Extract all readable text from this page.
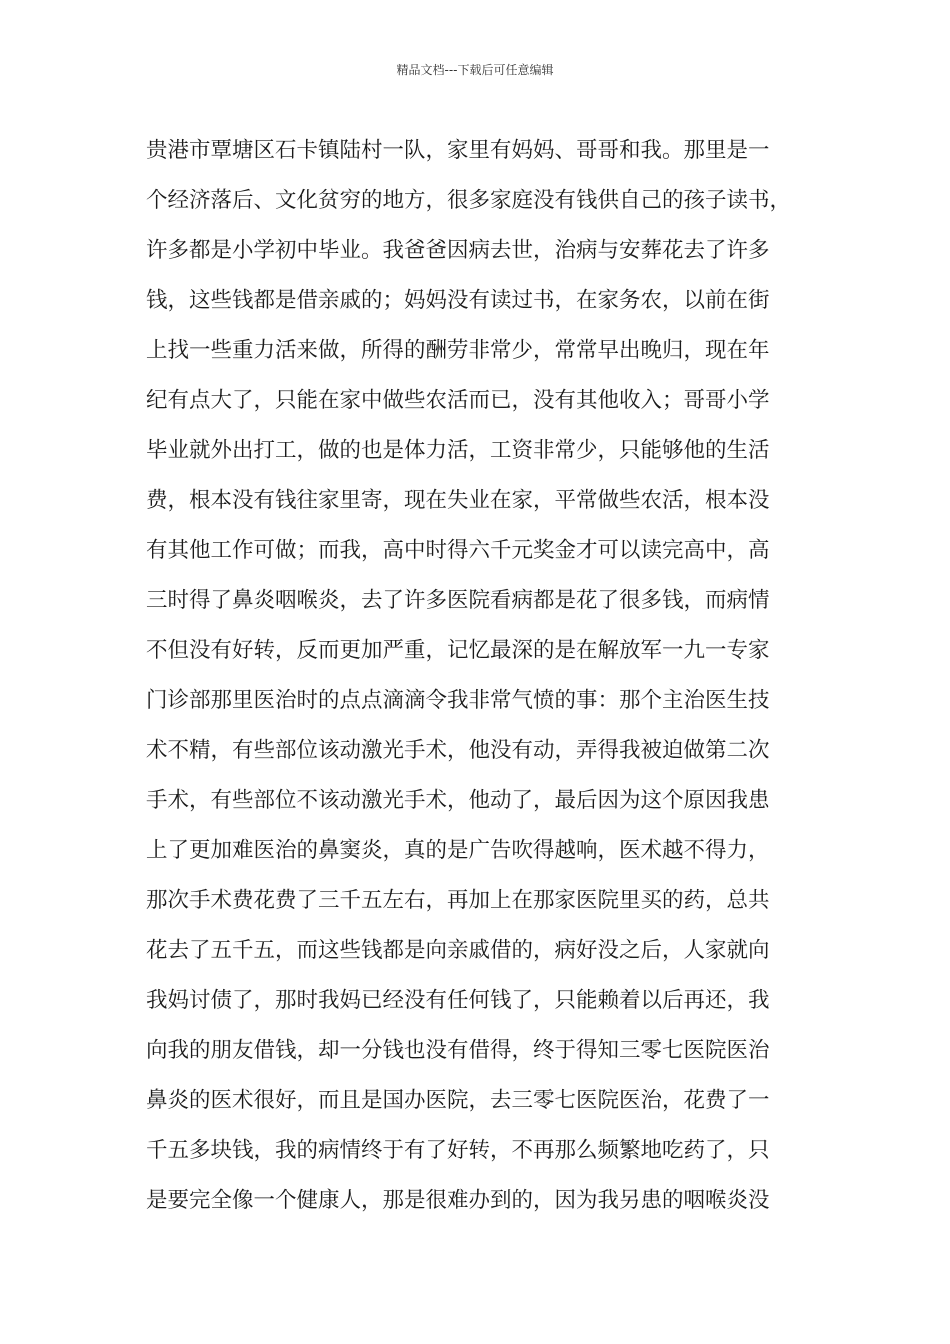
精品文档---下载后可任意编辑
贵港市覃塘区石卡镇陆村一队，家里有妈妈、哥哥和我。那里是一
个经济落后、文化贫穷的地方，很多家庭没有钱供自己的孩子读书，
许多都是小学初中毕业。我爸爸因病去世，治病与安葬花去了许多
钱，这些钱都是借亲戚的；妈妈没有读过书，在家务农，以前在街
上找一些重力活来做，所得的酬劳非常少，常常早出晚归，现在年
纪有点大了，只能在家中做些农活而已，没有其他收入；哥哥小学
毕业就外出打工，做的也是体力活，工资非常少，只能够他的生活
费，根本没有钱往家里寄，现在失业在家，平常做些农活，根本没
有其他工作可做；而我，高中时得六千元奖金才可以读完高中，高
三时得了鼻炎咽喉炎，去了许多医院看病都是花了很多钱，而病情
不但没有好转，反而更加严重，记忆最深的是在解放军一九一专家
门诊部那里医治时的点点滴滴令我非常气愤的事：那个主治医生技
术不精，有些部位该动激光手术，他没有动，弄得我被迫做第二次
手术，有些部位不该动激光手术，他动了，最后因为这个原因我患
上了更加难医治的鼻窦炎，真的是广告吹得越响，医术越不得力，
那次手术费花费了三千五左右，再加上在那家医院里买的药，总共
花去了五千五，而这些钱都是向亲戚借的，病好没之后，人家就向
我妈讨债了，那时我妈已经没有任何钱了，只能赖着以后再还，我
向我的朋友借钱，却一分钱也没有借得，终于得知三零七医院医治
鼻炎的医术很好，而且是国办医院，去三零七医院医治，花费了一
千五多块钱，我的病情终于有了好转，不再那么频繁地吃药了，只
是要完全像一个健康人，那是很难办到的，因为我另患的咽喉炎没
